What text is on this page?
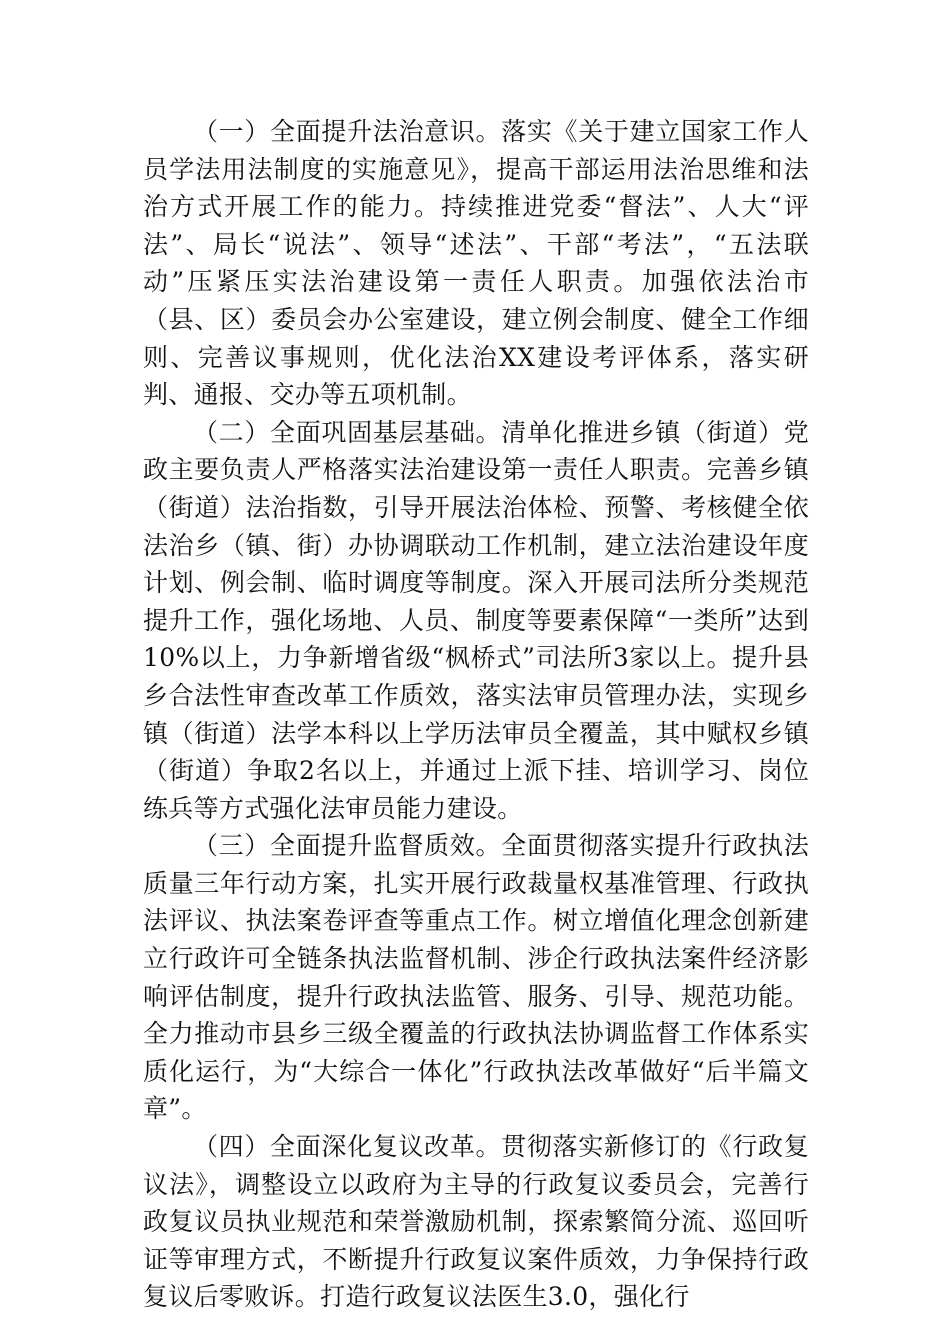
（一）全面提升法治意识。落实《关于建立国家工作人员学法用法制度的实施意见》，提高干部运用法治思维和法治方式开展工作的能力。持续推进党委“督法”、人大“评法”、局长“说法”、领导“述法”、干部“考法”，“五法联动”压紧压实法治建设第一责任人职责。加强依法治市（县、区）委员会办公室建设，建立例会制度、健全工作细则、完善议事规则，优化法治XX建设考评体系，落实研判、通报、交办等五项机制。

（二）全面巩固基层基础。清单化推进乡镇（街道）党政主要负责人严格落实法治建设第一责任人职责。完善乡镇（街道）法治指数，引导开展法治体检、预警、考核健全依法治乡（镇、街）办协调联动工作机制，建立法治建设年度计划、例会制、临时调度等制度。深入开展司法所分类规范提升工作，强化场地、人员、制度等要素保障“一类所”达到10%以上，力争新增省级“枫桥式”司法所3家以上。提升县乡合法性审查改革工作质效，落实法审员管理办法，实现乡镇（街道）法学本科以上学历法审员全覆盖，其中赋权乡镇（街道）争取2名以上，并通过上派下挂、培训学习、岗位练兵等方式强化法审员能力建设。

（三）全面提升监督质效。全面贯彻落实提升行政执法质量三年行动方案，扎实开展行政裁量权基准管理、行政执法评议、执法案卷评查等重点工作。树立增值化理念创新建立行政许可全链条执法监督机制、涉企行政执法案件经济影响评估制度，提升行政执法监管、服务、引导、规范功能。全力推动市县乡三级全覆盖的行政执法协调监督工作体系实质化运行，为“大综合一体化”行政执法改革做好“后半篇文章”。

（四）全面深化复议改革。贯彻落实新修订的《行政复议法》，调整设立以政府为主导的行政复议委员会，完善行政复议员执业规范和荣誉激励机制，探索繁简分流、巡回听证等审理方式，不断提升行政复议案件质效，力争保持行政复议后零败诉。打造行政复议法医生3.0，强化行
